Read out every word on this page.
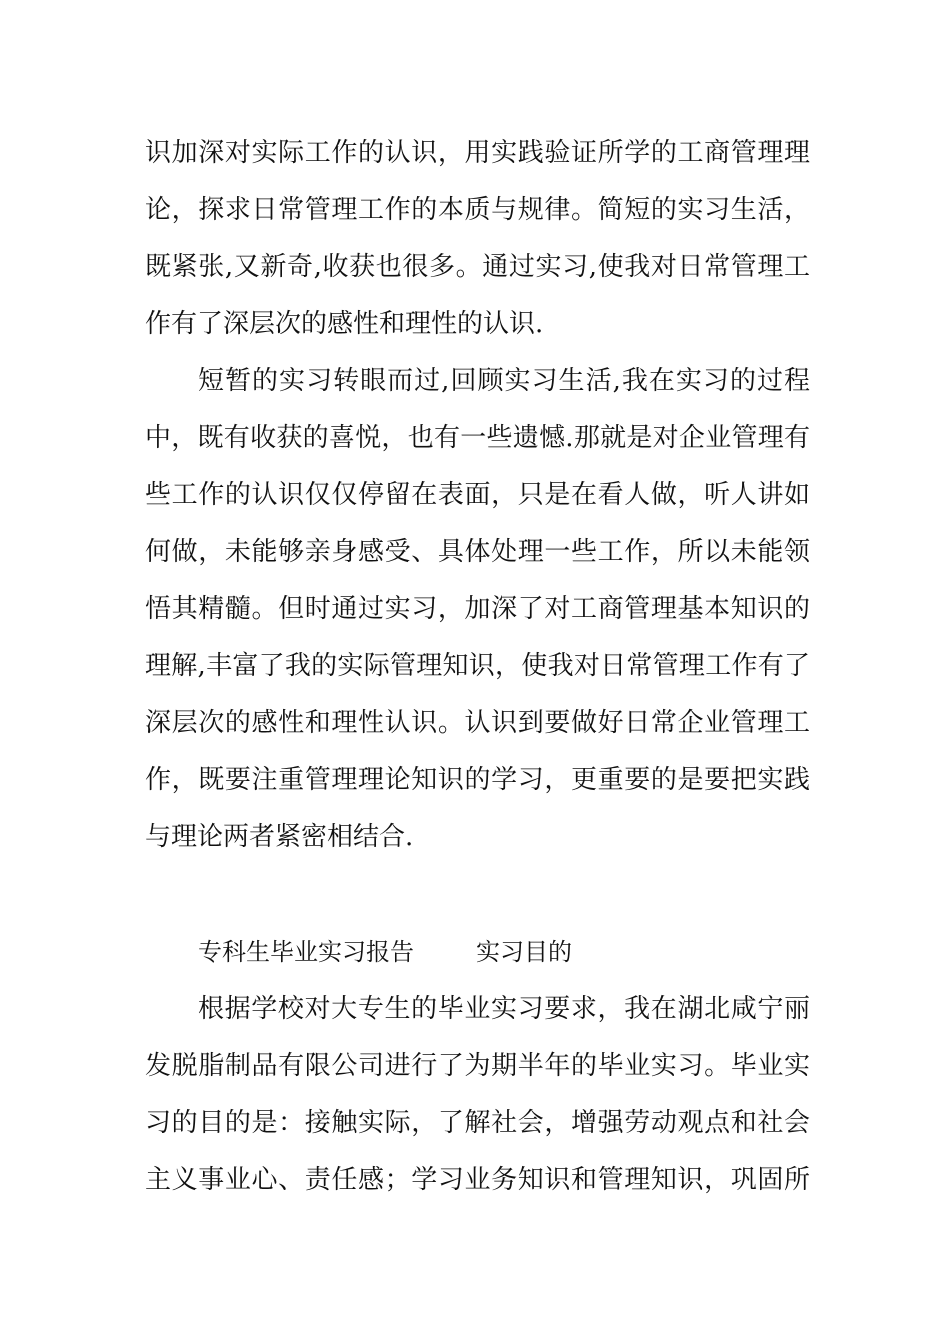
识加深对实际工作的认识，用实践验证所学的工商管理理
论，探求日常管理工作的本质与规律。简短的实习生活，
既紧张,又新奇,收获也很多。通过实习,使我对日常管理工
作有了深层次的感性和理性的认识.
短暂的实习转眼而过,回顾实习生活,我在实习的过程
中，既有收获的喜悦，也有一些遗憾.那就是对企业管理有
些工作的认识仅仅停留在表面，只是在看人做，听人讲如
何做，未能够亲身感受、具体处理一些工作，所以未能领
悟其精髓。但时通过实习，加深了对工商管理基本知识的
理解,丰富了我的实际管理知识，使我对日常管理工作有了
深层次的感性和理性认识。认识到要做好日常企业管理工
作，既要注重管理理论知识的学习，更重要的是要把实践
与理论两者紧密相结合.
专科生毕业实习报告	实习目的
根据学校对大专生的毕业实习要求，我在湖北咸宁丽
发脱脂制品有限公司进行了为期半年的毕业实习。毕业实
习的目的是：接触实际，了解社会，增强劳动观点和社会
主义事业心、责任感；学习业务知识和管理知识，巩固所
